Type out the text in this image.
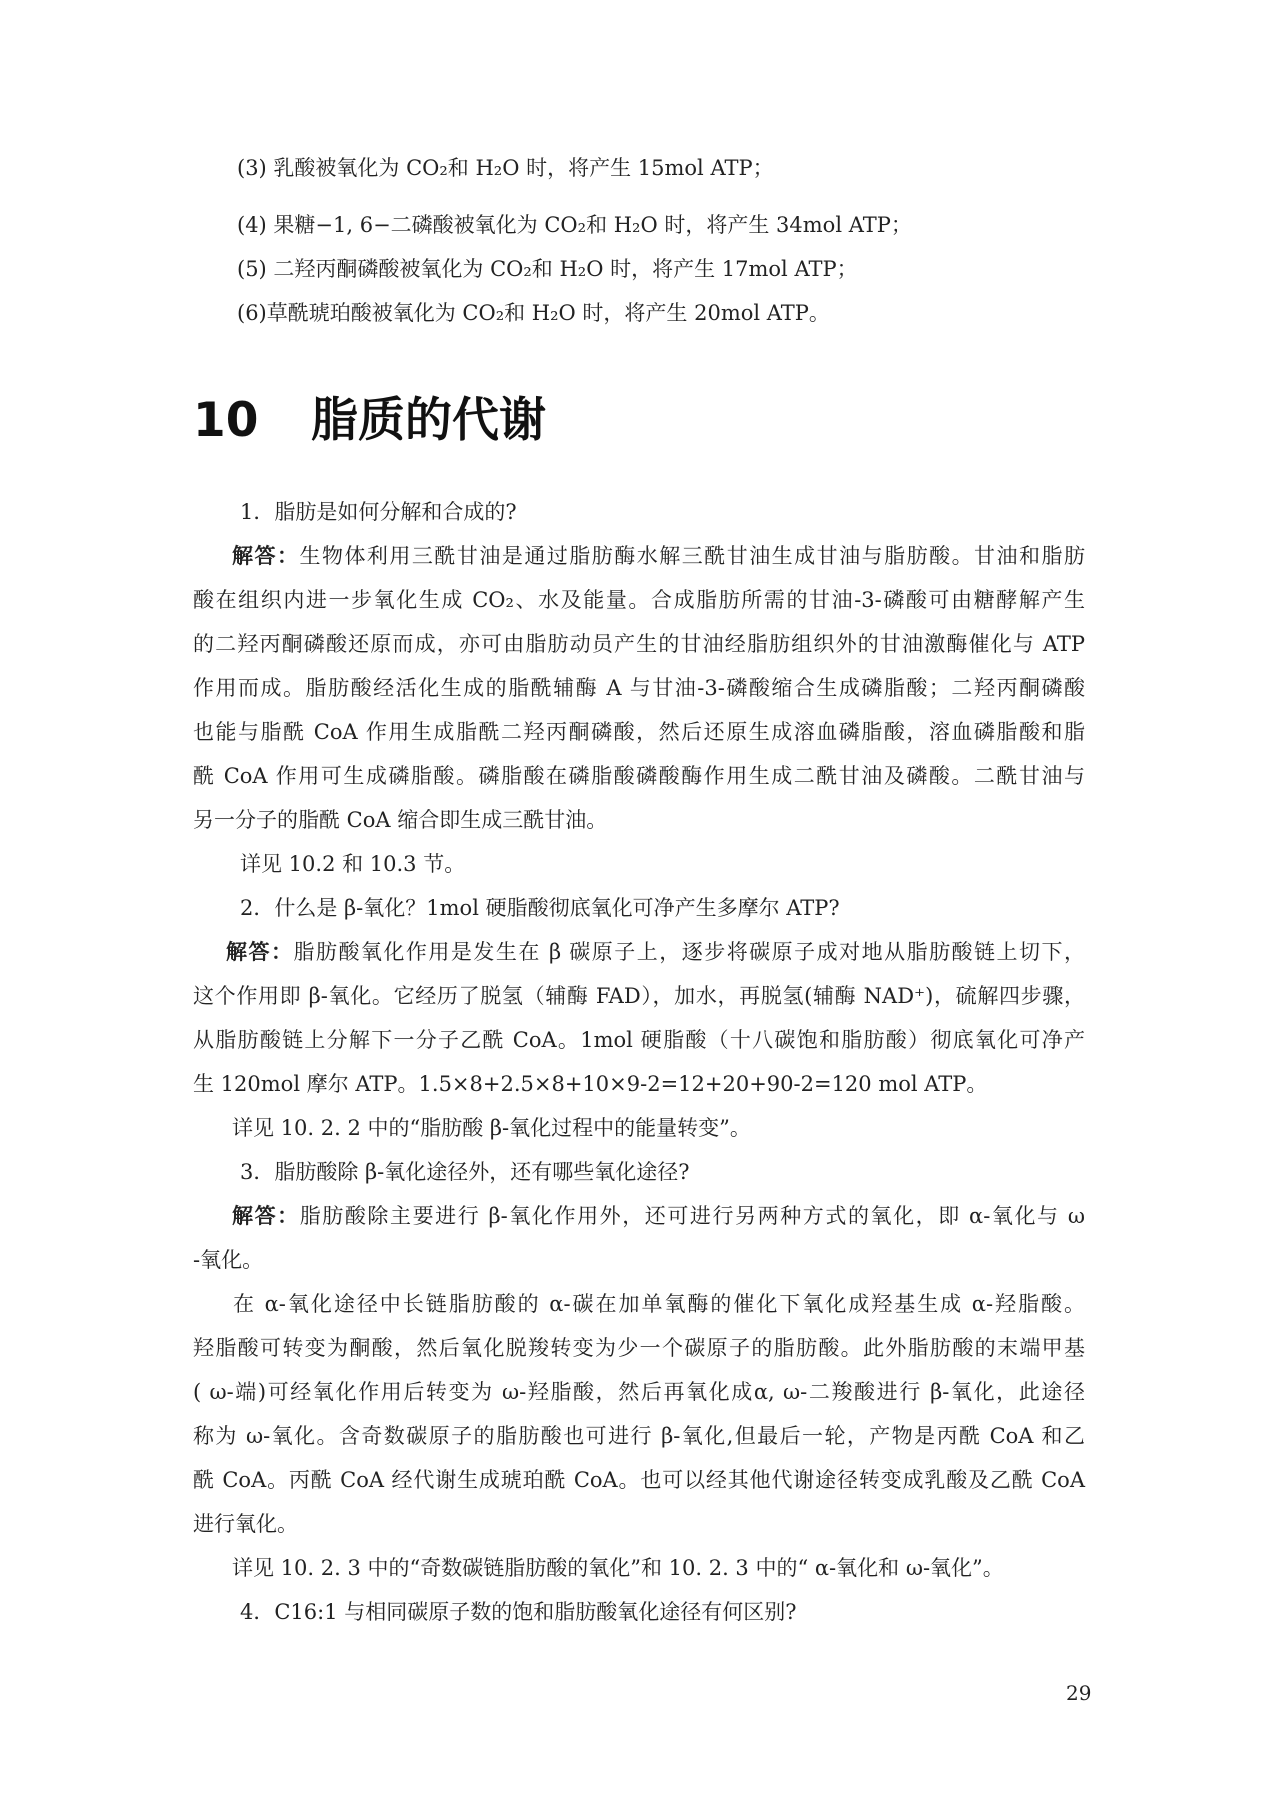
(3) 乳酸被氧化为 CO₂和 H₂O 时，将产生 15mol ATP；
(4) 果糖−1, 6−二磷酸被氧化为 CO₂和 H₂O 时，将产生 34mol ATP；
(5) 二羟丙酮磷酸被氧化为 CO₂和 H₂O 时，将产生 17mol ATP；
(6)草酰琥珀酸被氧化为 CO₂和 H₂O 时，将产生 20mol ATP。
10 脂质的代谢
1．脂肪是如何分解和合成的?
解答：生物体利用三酰甘油是通过脂肪酶水解三酰甘油生成甘油与脂肪酸。甘油和脂肪
酸在组织内进一步氧化生成 CO₂、水及能量。合成脂肪所需的甘油-3-磷酸可由糖酵解产生
的二羟丙酮磷酸还原而成，亦可由脂肪动员产生的甘油经脂肪组织外的甘油激酶催化与 ATP
作用而成。脂肪酸经活化生成的脂酰辅酶 A 与甘油-3-磷酸缩合生成磷脂酸；二羟丙酮磷酸
也能与脂酰 CoA 作用生成脂酰二羟丙酮磷酸，然后还原生成溶血磷脂酸，溶血磷脂酸和脂
酰 CoA 作用可生成磷脂酸。磷脂酸在磷脂酸磷酸酶作用生成二酰甘油及磷酸。二酰甘油与
另一分子的脂酰 CoA 缩合即生成三酰甘油。
详见 10.2 和 10.3 节。
2．什么是 β-氧化？1mol 硬脂酸彻底氧化可净产生多摩尔 ATP?
解答：脂肪酸氧化作用是发生在 β 碳原子上，逐步将碳原子成对地从脂肪酸链上切下，
这个作用即 β-氧化。它经历了脱氢（辅酶 FAD），加水，再脱氢(辅酶 NAD⁺)，硫解四步骤，
从脂肪酸链上分解下一分子乙酰 CoA。1mol 硬脂酸（十八碳饱和脂肪酸）彻底氧化可净产
生 120mol 摩尔 ATP。1.5×8+2.5×8+10×9-2=12+20+90-2=120 mol ATP。
详见 10. 2. 2 中的“脂肪酸 β-氧化过程中的能量转变”。
3．脂肪酸除 β-氧化途径外，还有哪些氧化途径?
解答：脂肪酸除主要进行 β-氧化作用外，还可进行另两种方式的氧化，即 α-氧化与 ω
-氧化。
在 α-氧化途径中长链脂肪酸的 α-碳在加单氧酶的催化下氧化成羟基生成 α-羟脂酸。
羟脂酸可转变为酮酸，然后氧化脱羧转变为少一个碳原子的脂肪酸。此外脂肪酸的末端甲基
( ω-端)可经氧化作用后转变为 ω-羟脂酸，然后再氧化成α, ω-二羧酸进行 β-氧化，此途径
称为 ω-氧化。含奇数碳原子的脂肪酸也可进行 β-氧化,但最后一轮，产物是丙酰 CoA 和乙
酰 CoA。丙酰 CoA 经代谢生成琥珀酰 CoA。也可以经其他代谢途径转变成乳酸及乙酰 CoA
进行氧化。
详见 10. 2. 3 中的“奇数碳链脂肪酸的氧化”和 10. 2. 3 中的“ α-氧化和 ω-氧化”。
4．C16:1 与相同碳原子数的饱和脂肪酸氧化途径有何区别?
29
